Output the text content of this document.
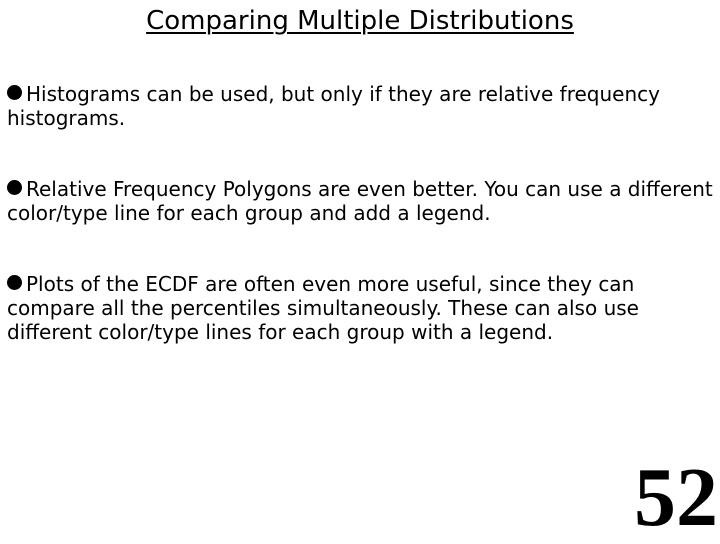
Comparing Multiple Distributions
Histograms can be used, but only if they are relative frequency histograms.
Relative Frequency Polygons are even better. You can use a different color/type line for each group and add a legend.
Plots of the ECDF are often even more useful, since they can compare all the percentiles simultaneously. These can also use different color/type lines for each group with a legend.
52
